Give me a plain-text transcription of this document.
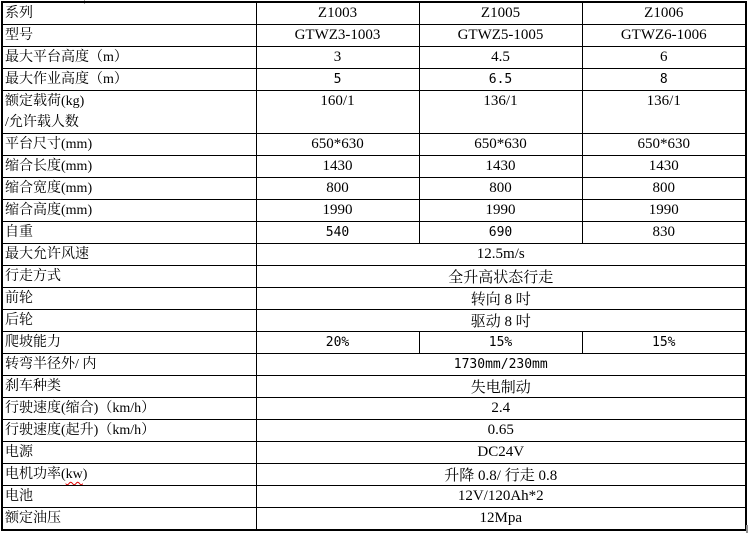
系列	Z1003	Z1005	Z1006
型号	GTWZ3-1003	GTWZ5-1005	GTWZ6-1006
最大平台高度（m）	3	4.5	6
最大作业高度（m）	5	6.5	8
额定载荷(kg)
/允许载人数	160/1	136/1	136/1
平台尺寸(mm)	650*630	650*630	650*630
缩合长度(mm)	1430	1430	1430
缩合宽度(mm)	800	800	800
缩合高度(mm)	1990	1990	1990
自重	540	690	830
最大允许风速	12.5m/s		
行走方式	全升高状态行走		
前轮	转向 8 吋		
后轮	驱动 8 吋		
爬坡能力	20%	15%	15%
转弯半径外/ 内	1730mm/230mm		
刹车种类	失电制动		
行驶速度(缩合)（km/h）	2.4		
行驶速度(起升)（km/h）	0.65		
电源	DC24V		
电机功率(kw)	升降 0.8/ 行走 0.8		
电池	12V/120Ah*2		
额定油压	12Mpa		
